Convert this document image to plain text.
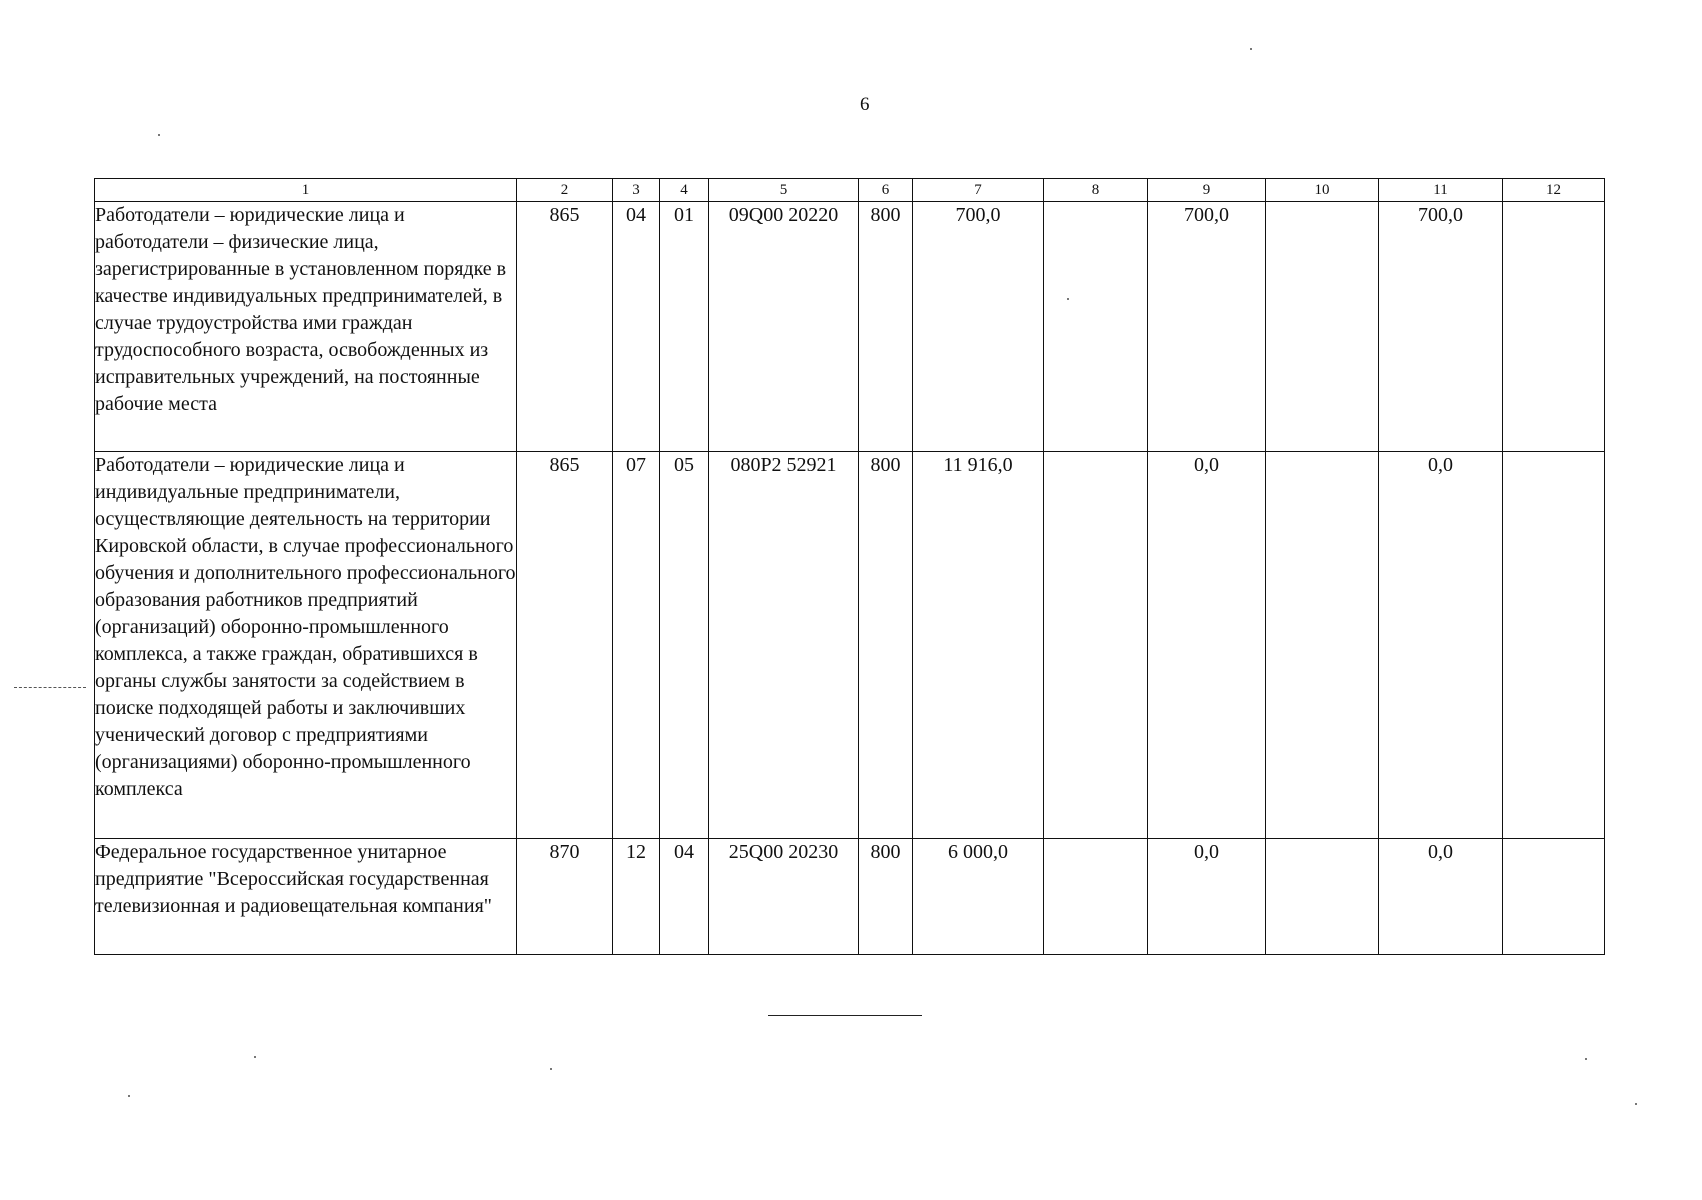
6
1	2	3	4	5	6	7	8	9	10	11	12
Работодатели – юридические лица и работодатели – физические лица, зарегистрированные в установленном порядке в качестве индивидуальных предпринимателей, в случае трудоустройства ими граждан трудоспособного возраста, освобожденных из исправительных учреждений, на постоянные рабочие места	865	04	01	09Q00 20220	800	700,0		700,0		700,0	
Работодатели – юридические лица и индивидуальные предприниматели, осуществляющие деятельность на территории Кировской области, в случае профессионального обучения и дополнительного профессионального образования работников предприятий (организаций) оборонно-промышленного комплекса, а также граждан, обратившихся в органы службы занятости за содействием в поиске подходящей работы и заключивших ученический договор с предприятиями (организациями) оборонно-промышленного комплекса	865	07	05	080P2 52921	800	11 916,0		0,0		0,0	
Федеральное государственное унитарное предприятие "Всероссийская государственная телевизионная и радиовещательная компания"	870	12	04	25Q00 20230	800	6 000,0		0,0		0,0	
